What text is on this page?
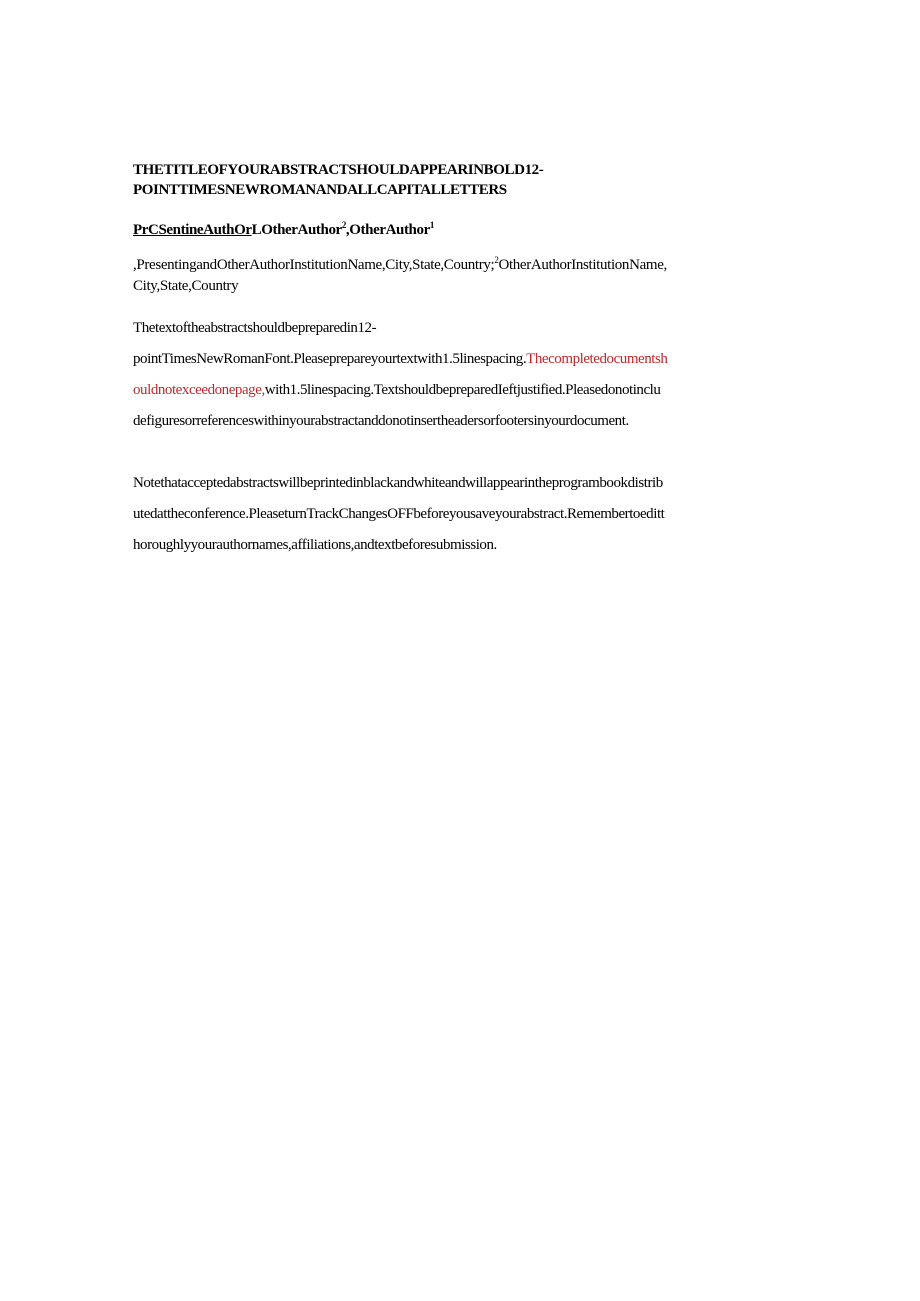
THETITLEOFYOURABSTRACTSHOULDAPPEARINBOLD12-
POINTTIMESNEWROMANANDALLCAPITALLETTERS
PrCSentineAuthOrLOtherAuthor$^2$,OtherAuthor$^1$
,PresentingandOtherAuthorInstitutionName,City,State,Country;$^2$OtherAuthorInstitutionName,
City,State,Country
Thetextoftheabstractshouldbepreparedin12-
pointTimesNewRomanFont.Pleaseprepareyourtextwith1.5linespacing.Thecompletedocumentsh
ouldnotexceedonepage,with1.5linespacing.TextshouldbepreparedIeftjustified.Pleasedonotinclu
defiguresorreferenceswithinyourabstractanddonotinsertheadersorfootersinyourdocument.
Notethatacceptedabstractswillbeprintedinblackandwhiteandwillappearintheprogrambookdistrib
utedattheconference.PleaseturnTrackChangesOFFbeforeyousaveyourabstract.Remembertoeditt
horoughlyyourauthornames,affiliations,andtextbeforesubmission.
